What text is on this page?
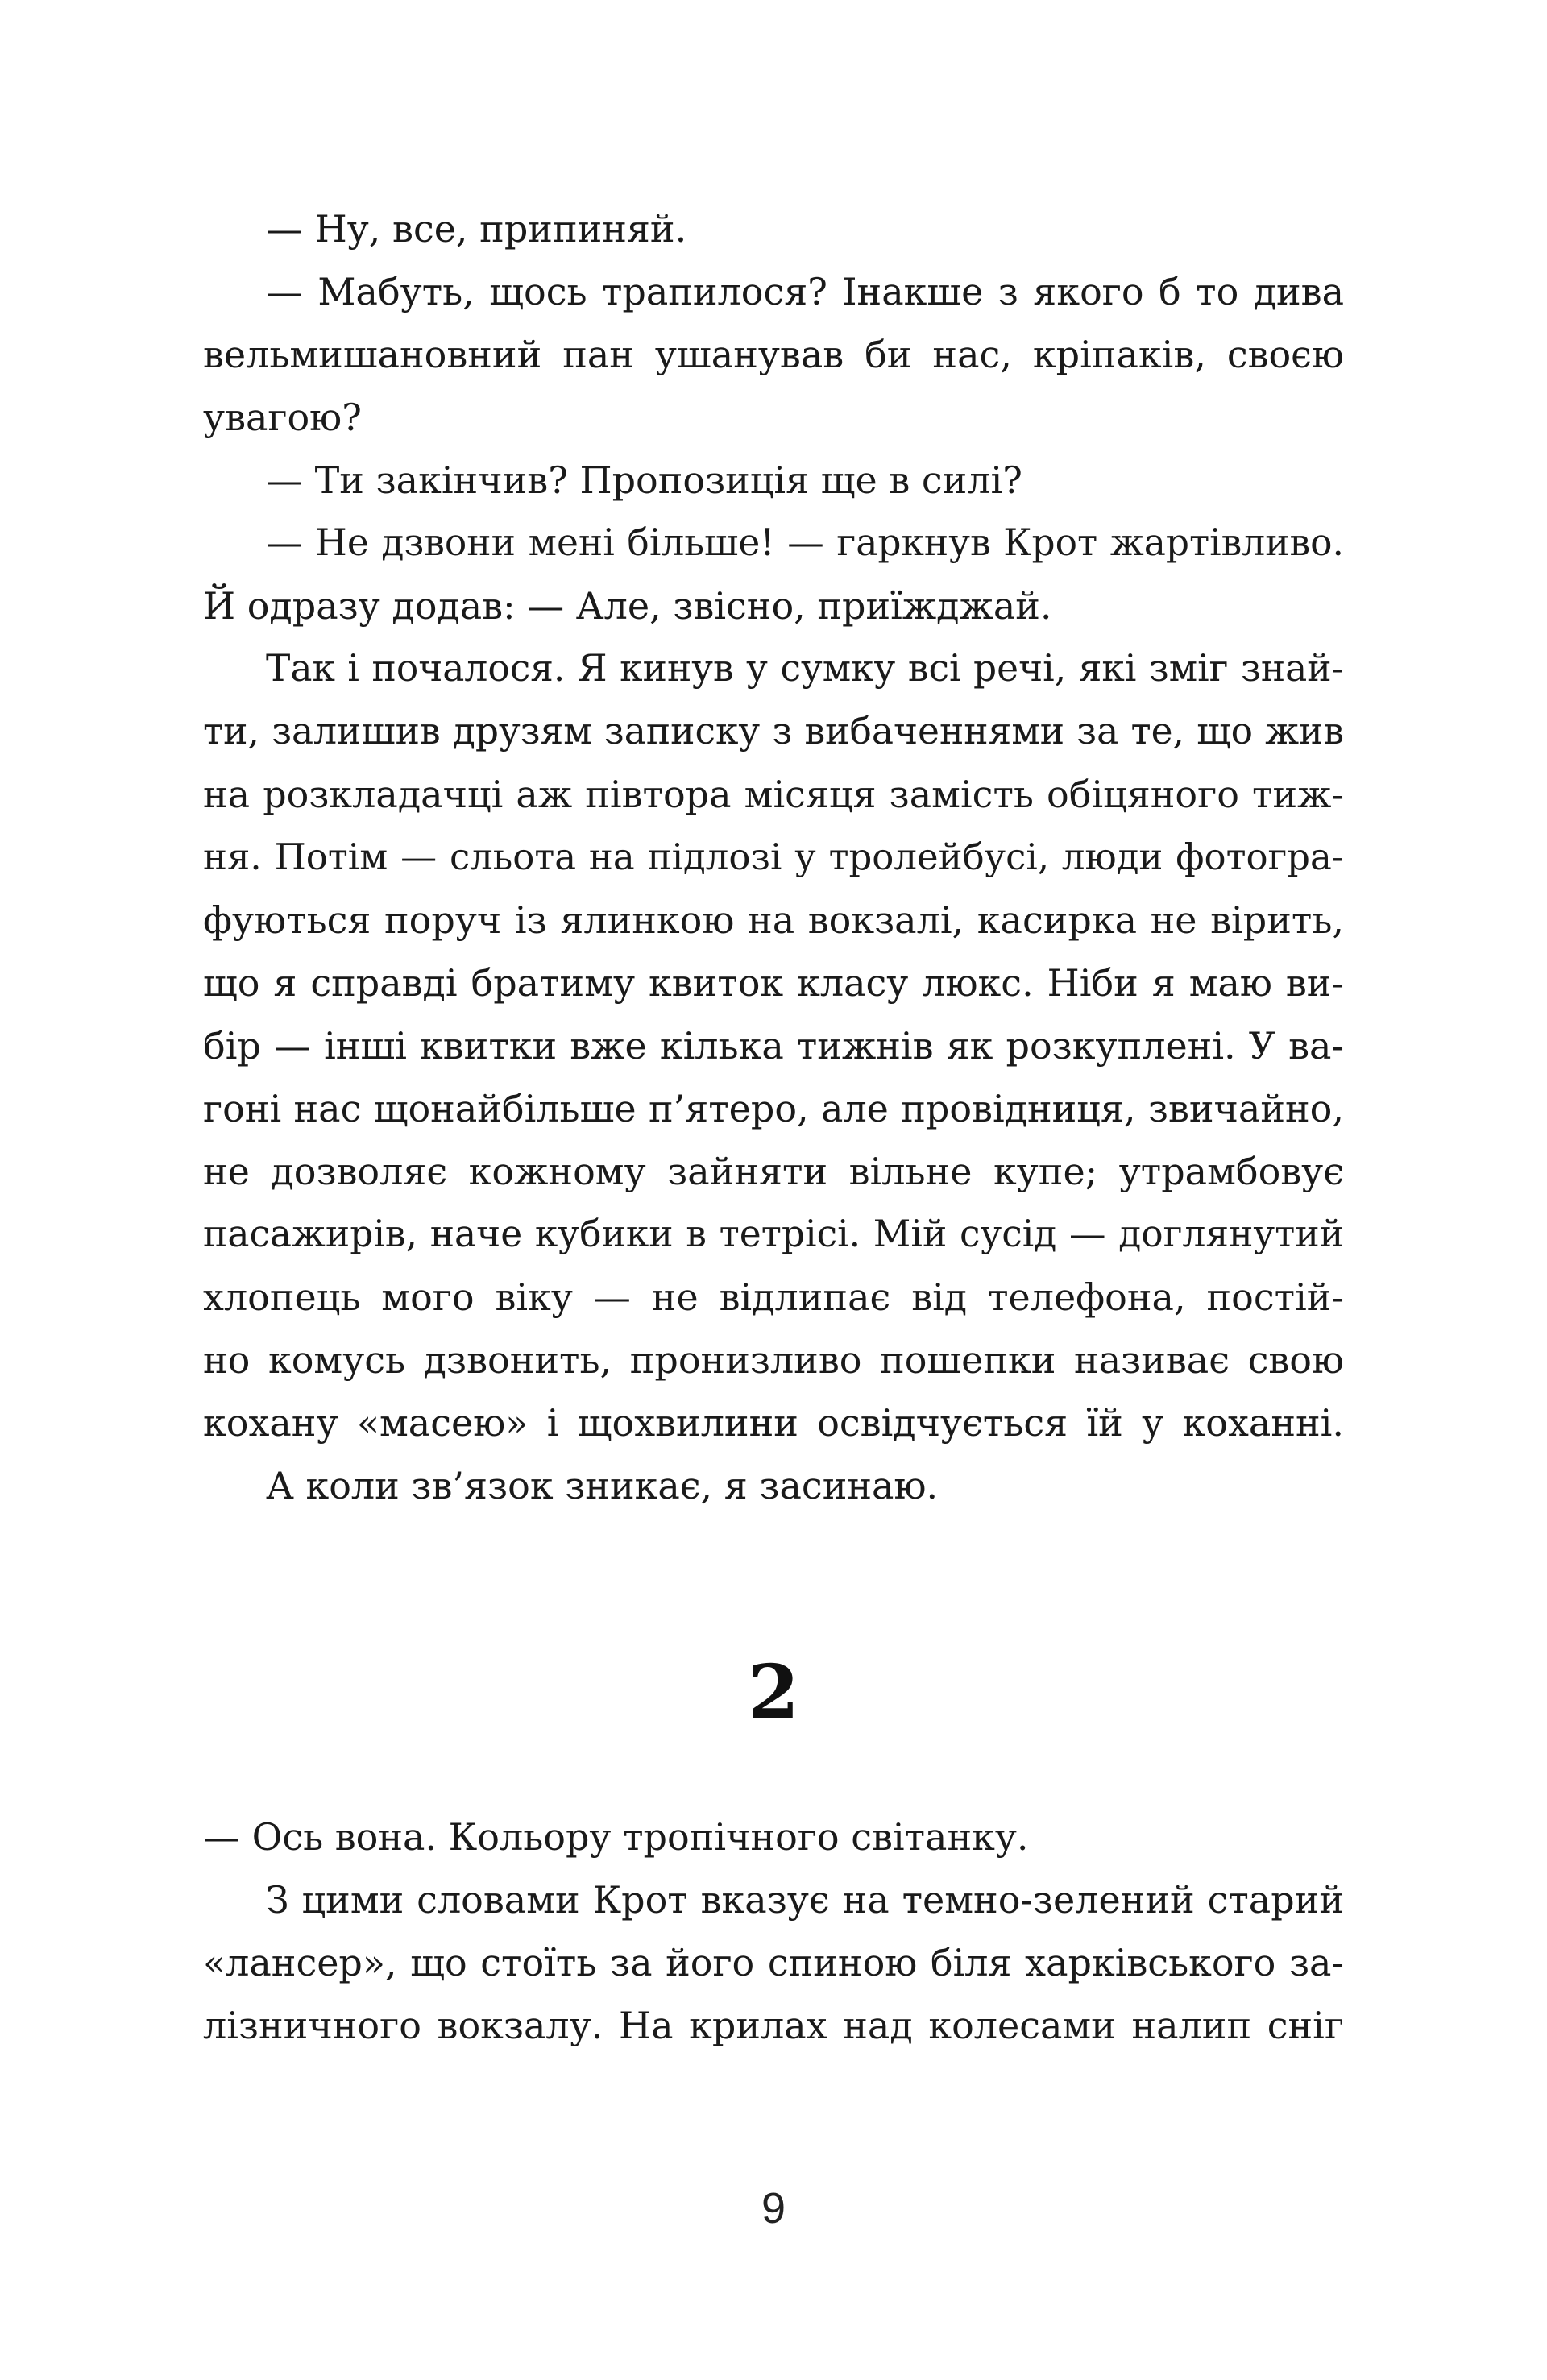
— Ну, все, припиняй.
— Мабуть, щось трапилося? Інакше з якого б то дива
вельмишановний пан ушанував би нас, кріпаків, своєю
увагою?
— Ти закінчив? Пропозиція ще в силі?
— Не дзвони мені більше! — гаркнув Крот жартівливо.
Й одразу додав: — Але, звісно, приїжджай.
Так і почалося. Я кинув у сумку всі речі, які зміг знай-
ти, залишив друзям записку з вибаченнями за те, що жив
на розкладачці аж півтора місяця замість обіцяного тиж-
ня. Потім — сльота на підлозі у тролейбусі, люди фотогра-
фуються поруч із ялинкою на вокзалі, касирка не вірить,
що я справді братиму квиток класу люкс. Ніби я маю ви-
бір — інші квитки вже кілька тижнів як розкуплені. У ва-
гоні нас щонайбільше п’ятеро, але провідниця, звичайно,
не дозволяє кожному зайняти вільне купе; утрамбовує
пасажирів, наче кубики в тетрісі. Мій сусід — доглянутий
хлопець мого віку — не відлипає від телефона, постій-
но комусь дзвонить, пронизливо пошепки називає свою
кохану «масею» і щохвилини освідчується їй у коханні.
А коли зв’язок зникає, я засинаю.
2
— Ось вона. Кольору тропічного світанку.
З цими словами Крот вказує на темно-зелений старий
«лансер», що стоїть за його спиною біля харківського за-
лізничного вокзалу. На крилах над колесами налип сніг
9
